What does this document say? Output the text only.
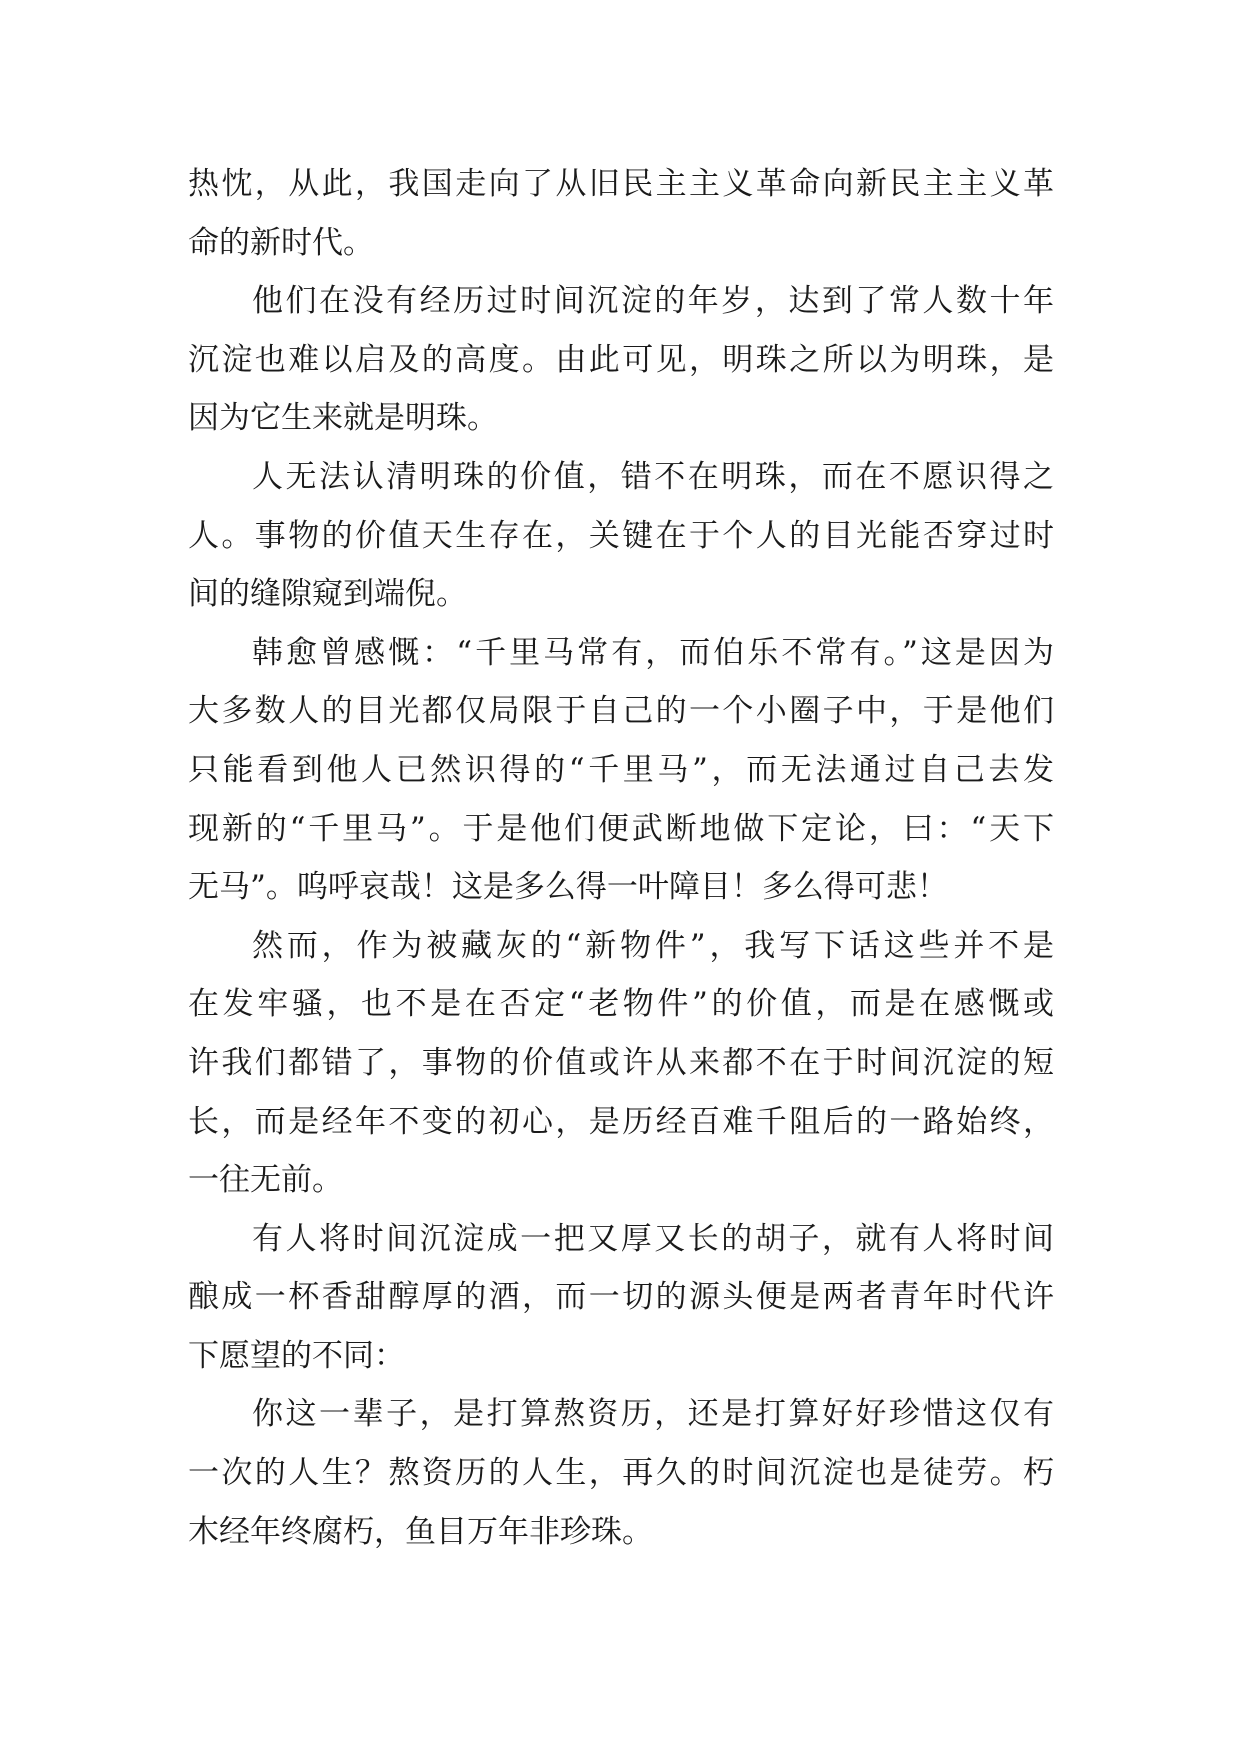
热忱，从此，我国走向了从旧民主主义革命向新民主主义革
命的新时代。
他们在没有经历过时间沉淀的年岁，达到了常人数十年
沉淀也难以启及的高度。由此可见，明珠之所以为明珠，是
因为它生来就是明珠。
人无法认清明珠的价值，错不在明珠，而在不愿识得之
人。事物的价值天生存在，关键在于个人的目光能否穿过时
间的缝隙窥到端倪。
韩愈曾感慨：“千里马常有，而伯乐不常有。”这是因为
大多数人的目光都仅局限于自己的一个小圈子中，于是他们
只能看到他人已然识得的“千里马”，而无法通过自己去发
现新的“千里马”。于是他们便武断地做下定论，曰：“天下
无马”。呜呼哀哉！这是多么得一叶障目！多么得可悲！
然而，作为被藏灰的“新物件”，我写下话这些并不是
在发牢骚，也不是在否定“老物件”的价值，而是在感慨或
许我们都错了，事物的价值或许从来都不在于时间沉淀的短
长，而是经年不变的初心，是历经百难千阻后的一路始终，
一往无前。
有人将时间沉淀成一把又厚又长的胡子，就有人将时间
酿成一杯香甜醇厚的酒，而一切的源头便是两者青年时代许
下愿望的不同：
你这一辈子，是打算熬资历，还是打算好好珍惜这仅有
一次的人生？熬资历的人生，再久的时间沉淀也是徒劳。朽
木经年终腐朽，鱼目万年非珍珠。
